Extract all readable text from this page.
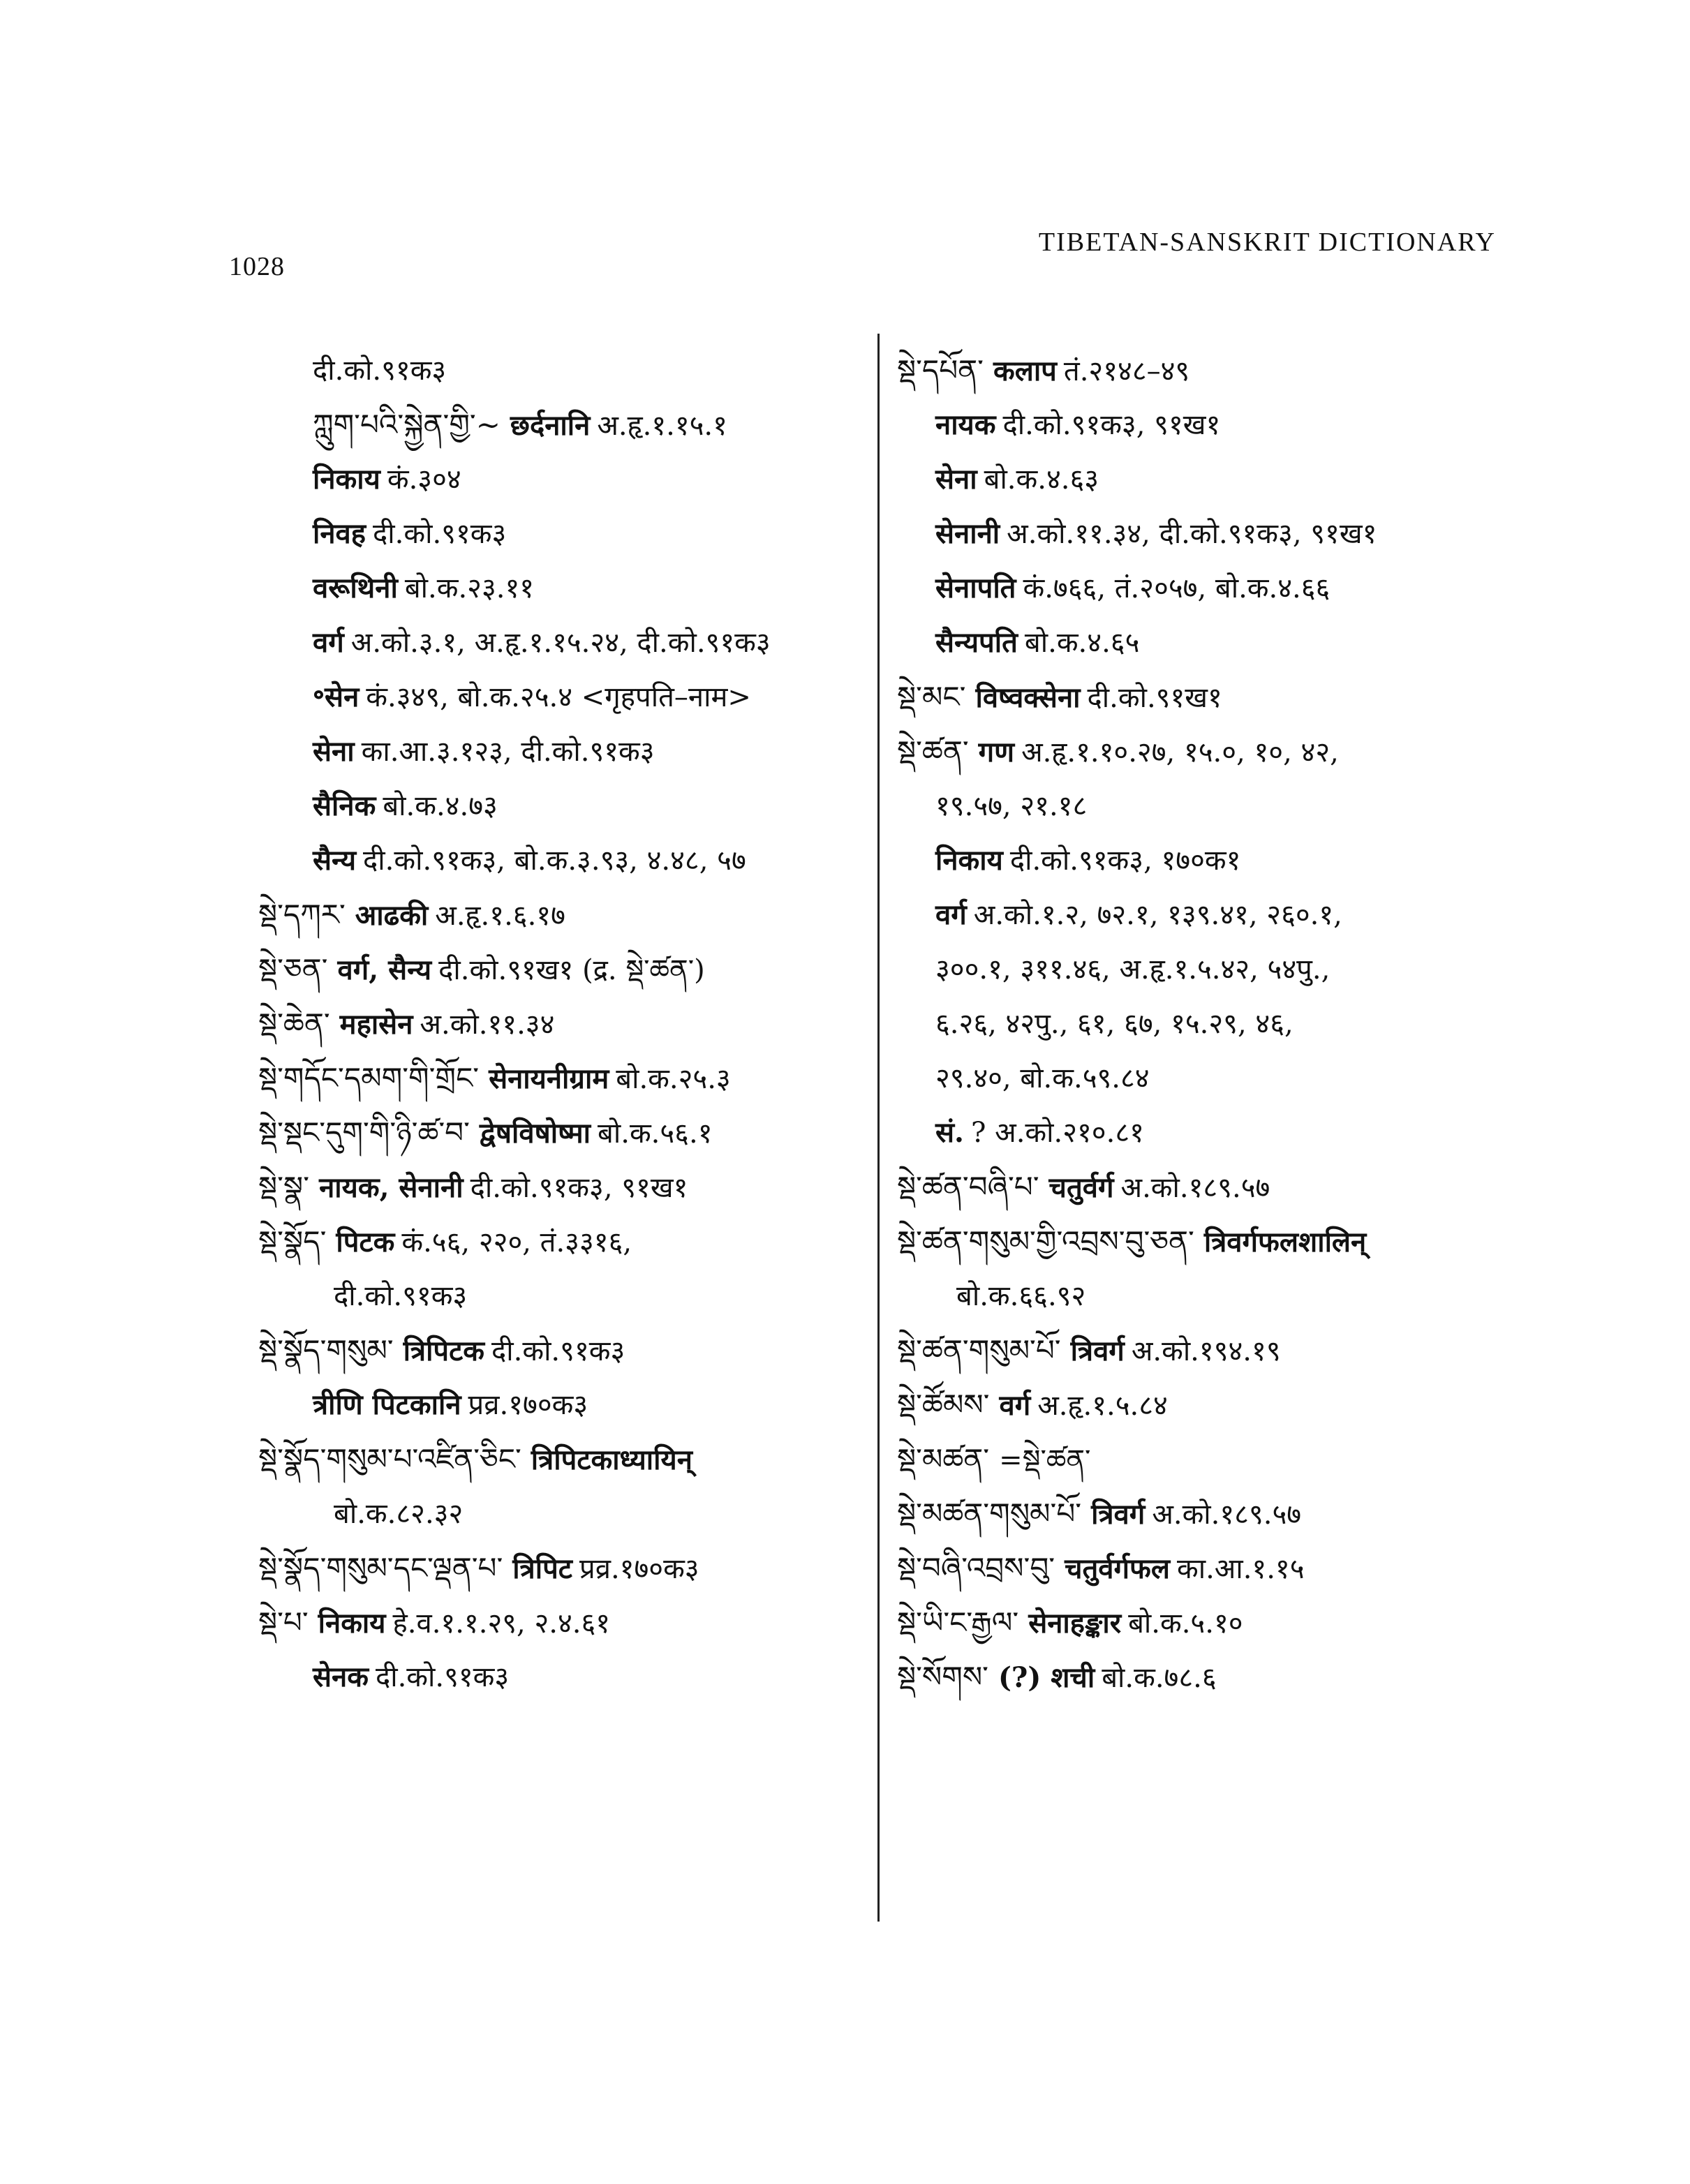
1028
TIBETAN-SANSKRIT DICTIONARY
दी.को.९१क३
ཀླུག་པའི་སྐྱེན་གྱི་~ छर्दनानि अ.हृ.१.१५.१
निकाय कं.३०४
निवह दी.को.९१क३
वरूथिनी बो.क.२३.११
वर्ग अ.को.३.१, अ.हृ.१.१५.२४, दी.को.९१क३
॰सेन कं.३४९, बो.क.२५.४ <गृहपति–नाम>
सेना का.आ.३.१२३, दी.को.९१क३
सैनिक बो.क.४.७३
सैन्य दी.को.९१क३, बो.क.३.९३, ४.४८, ५७
སྡེ་དཀར་ आढकी अ.हृ.१.६.१७
སྡེ་ཅན་ वर्ग, सैन्य दी.को.९१ख१ (द्र. སྡེ་ཚན་)
སྡེ་ཆེན་ महासेन अ.को.११.३४
སྡེ་གདོང་དམག་གི་གྲོང་ सेनायनीग्राम बो.क.२५.३
སྡེ་སྡང་དུག་གི་ཉི་ཚ་བ་ द्वेषविषोष्मा बो.क.५६.१
སྡེ་སྣ་ नायक, सेनानी दी.को.९१क३, ९१ख१
སྡེ་སྣོད་ पिटक कं.५६, २२०, तं.३३१६,
दी.को.९१क३
སྡེ་སྣོད་གསུམ་ त्रिपिटक दी.को.९१क३
त्रीणि पिटकानि प्रव्र.१७०क३
སྡེ་སྣོད་གསུམ་པ་འཛིན་ཅིང་ त्रिपिटकाध्यायिन्
बो.क.८२.३२
སྡེ་སྣོད་གསུམ་དང་ལྡན་པ་ त्रिपिट प्रव्र.१७०क३
སྡེ་པ་ निकाय हे.व.१.१.२९, २.४.६१
सेनक दी.को.९१क३
སྡེ་དཔོན་ कलाप तं.२१४८–४९
नायक दी.को.९१क३, ९१ख१
सेना बो.क.४.६३
सेनानी अ.को.११.३४, दी.को.९१क३, ९१ख१
सेनापति कं.७६६, तं.२०५७, बो.क.४.६६
सैन्यपति बो.क.४.६५
སྡེ་མང་ विष्वक्सेना दी.को.९१ख१
སྡེ་ཚན་ गण अ.हृ.१.१०.२७, १५.०, १०, ४२,
१९.५७, २१.१८
निकाय दी.को.९१क३, १७०क१
वर्ग अ.को.१.२, ७२.१, १३९.४१, २६०.१,
३००.१, ३११.४६, अ.हृ.१.५.४२, ५४पु.,
६.२६, ४२पु., ६१, ६७, १५.२९, ४६,
२९.४०, बो.क.५९.८४
सं. ? अ.को.२१०.८१
སྡེ་ཚན་བཞི་པ་ चतुर्वर्ग अ.को.१८९.५७
སྡེ་ཚན་གསུམ་གྱི་འབྲས་བུ་ཅན་ त्रिवर्गफलशालिन्
बो.क.६६.९२
སྡེ་ཚན་གསུམ་པོ་ त्रिवर्ग अ.को.१९४.१९
སྡེ་ཚོམས་ वर्ग अ.हृ.१.५.८४
སྡེ་མཚན་ =སྡེ་ཚན་
སྡེ་མཚན་གསུམ་པོ་ त्रिवर्ग अ.को.१८९.५७
སྡེ་བཞི་འབྲས་བུ་ चतुर्वर्गफल का.आ.१.१५
སྡེ་ཡི་ང་རྒྱལ་ सेनाहङ्कार बो.क.५.१०
སྡེ་སོགས་ (?) शची बो.क.७८.६
